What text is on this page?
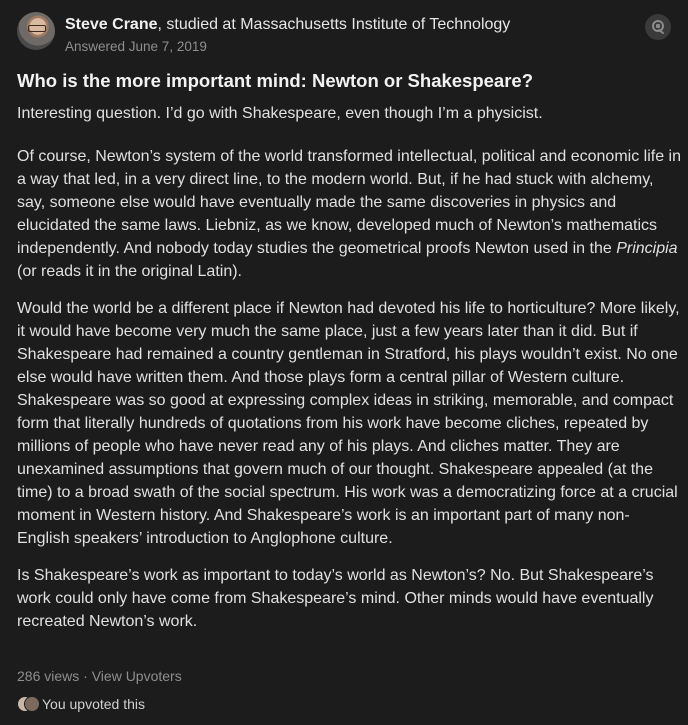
Steve Crane, studied at Massachusetts Institute of Technology
Answered June 7, 2019
Who is the more important mind: Newton or Shakespeare?

Interesting question. I’d go with Shakespeare, even though I’m a physicist.

Of course, Newton’s system of the world transformed intellectual, political and economic life in a way that led, in a very direct line, to the modern world. But, if he had stuck with alchemy, say, someone else would have eventually made the same discoveries in physics and elucidated the same laws. Liebniz, as we know, developed much of Newton’s mathematics independently. And nobody today studies the geometrical proofs Newton used in the Principia (or reads it in the original Latin).

Would the world be a different place if Newton had devoted his life to horticulture? More likely, it would have become very much the same place, just a few years later than it did. But if Shakespeare had remained a country gentleman in Stratford, his plays wouldn’t exist. No one else would have written them. And those plays form a central pillar of Western culture. Shakespeare was so good at expressing complex ideas in striking, memorable, and compact form that literally hundreds of quotations from his work have become cliches, repeated by millions of people who have never read any of his plays. And cliches matter. They are unexamined assumptions that govern much of our thought. Shakespeare appealed (at the time) to a broad swath of the social spectrum. His work was a democratizing force at a crucial moment in Western history. And Shakespeare’s work is an important part of many non-English speakers’ introduction to Anglophone culture.

Is Shakespeare’s work as important to today’s world as Newton’s? No. But Shakespeare’s work could only have come from Shakespeare’s mind. Other minds would have eventually recreated Newton’s work.

286 views · View Upvoters
You upvoted this
